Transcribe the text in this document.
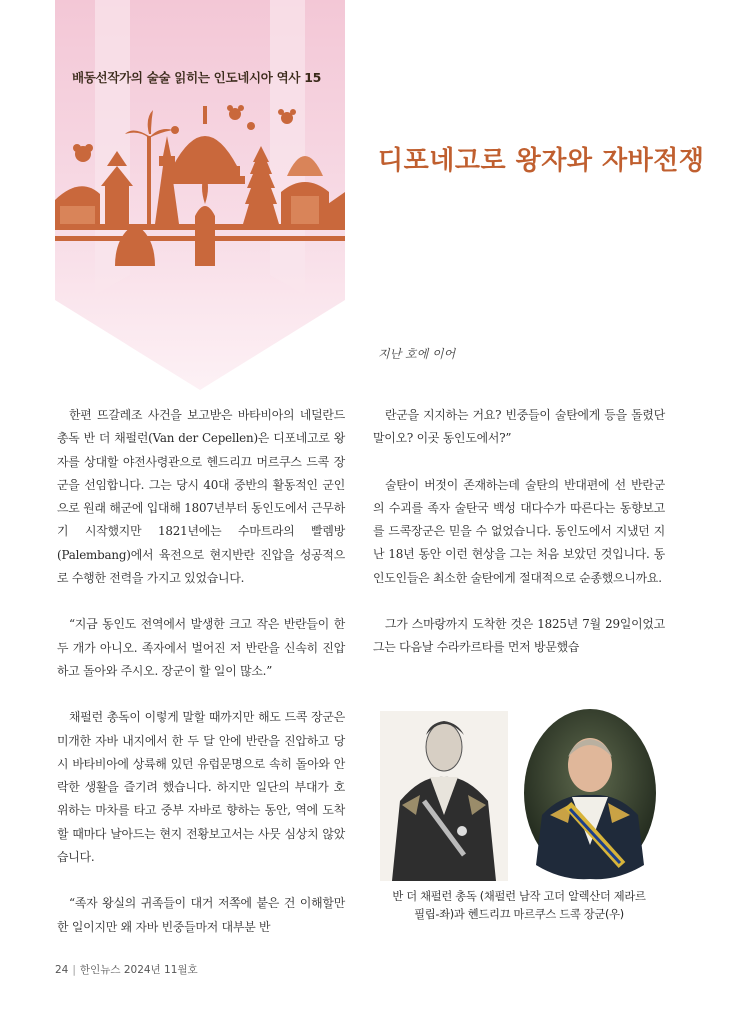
배동선작가의 술술 읽히는 인도네시아 역사 15
디포네고로 왕자와 자바전쟁
지난 호에 이어

한편 뜨갈레조 사건을 보고받은 바타비아의 네덜란드 총독 반 더 채펄런(Van der Cepellen)은 디포네고로 왕자를 상대할 야전사령관으로 헨드리끄 머르쿠스 드콕 장군을 선임합니다. 그는 당시 40대 중반의 활동적인 군인으로 원래 해군에 입대해 1807년부터 동인도에서 근무하기 시작했지만 1821년에는 수마트라의 빨렘방(Palembang)에서 육전으로 현지반란 진압을 성공적으로 수행한 전력을 가지고 있었습니다.

“지금 동인도 전역에서 발생한 크고 작은 반란들이 한 두 개가 아니오. 족자에서 벌어진 저 반란을 신속히 진압하고 돌아와 주시오. 장군이 할 일이 많소.”

채펄런 총독이 이렇게 말할 때까지만 해도 드콕 장군은 미개한 자바 내지에서 한 두 달 안에 반란을 진압하고 당시 바타비아에 상륙해 있던 유럽문명으로 속히 돌아와 안락한 생활을 즐기려 했습니다. 하지만 일단의 부대가 호위하는 마차를 타고 중부 자바로 향하는 동안, 역에 도착할 때마다 날아드는 현지 전황보고서는 사뭇 심상치 않았습니다.

“족자 왕실의 귀족들이 대거 저쪽에 붙은 건 이해할만한 일이지만 왜 자바 빈중들마저 대부분 반

란군을 지지하는 거요? 빈중들이 술탄에게 등을 돌렸단 말이오? 이곳 동인도에서?”

술탄이 버젓이 존재하는데 술탄의 반대편에 선 반란군의 수괴를 족자 술탄국 백성 대다수가 따른다는 동향보고를 드콕장군은 믿을 수 없었습니다. 동인도에서 지냈던 지난 18년 동안 이런 현상을 그는 처음 보았던 것입니다. 동인도인들은 최소한 술탄에게 절대적으로 순종했으니까요.

그가 스마랑까지 도착한 것은 1825년 7월 29일이었고 그는 다음날 수라카르타를 먼저 방문했습

반 더 채펄런 총독 (채펄런 남작 고더 알렉산더 제라르
필립-좌)과 헨드리끄 마르쿠스 드콕 장군(우)
24 | 한인뉴스 2024년 11월호
